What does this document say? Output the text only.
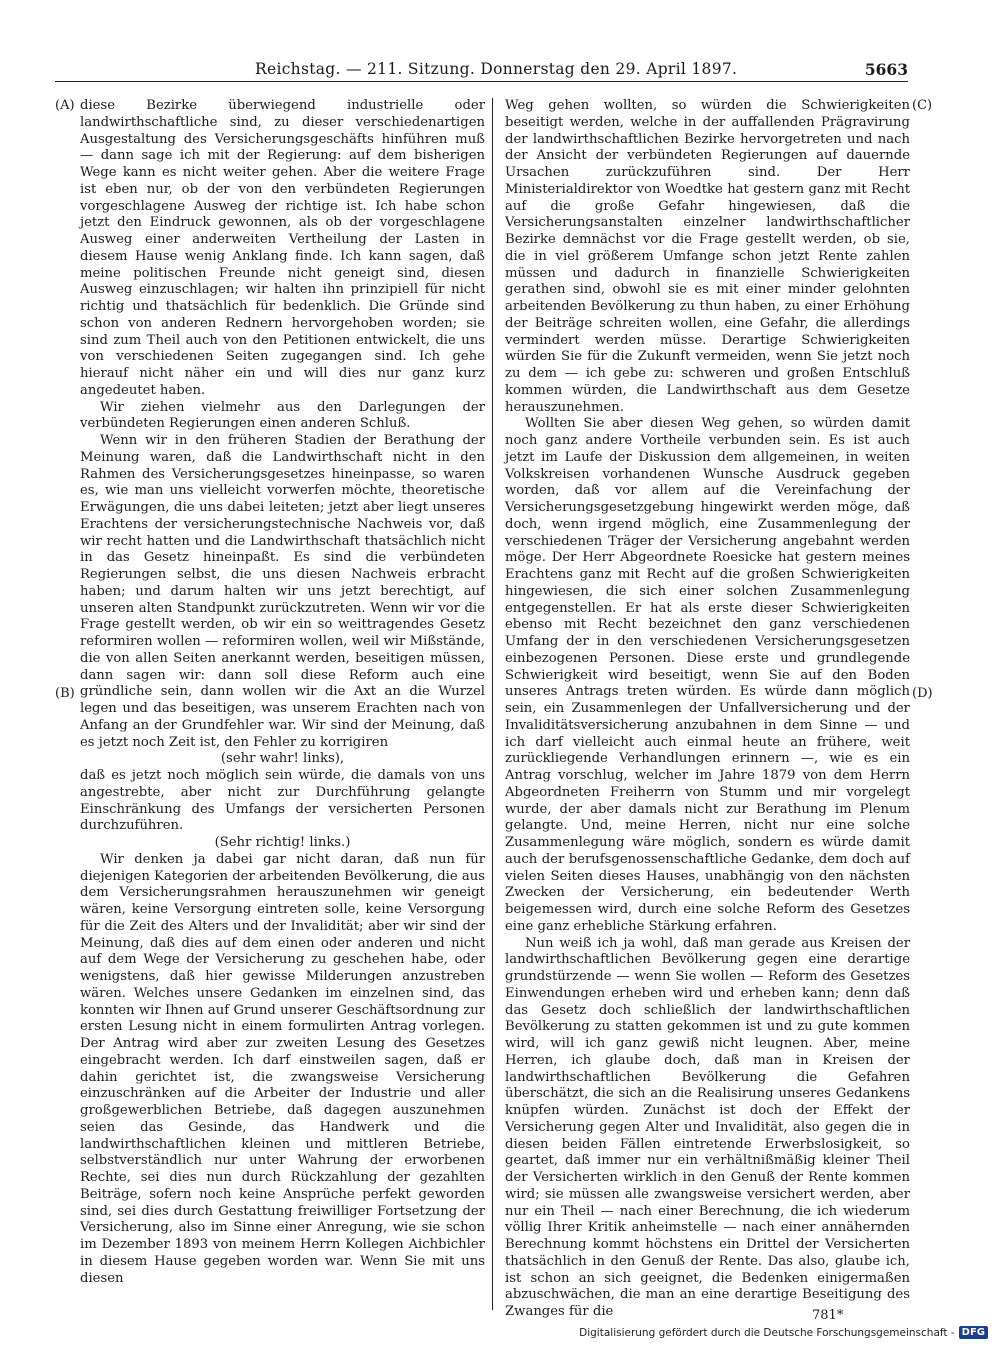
Reichstag. — 211. Sitzung. Donnerstag den 29. April 1897.	5663
(A)
(B)
(C)
(D)

diese Bezirke überwiegend industrielle oder landwirthschaftliche sind, zu dieser verschiedenartigen Ausgestaltung des Versicherungsgeschäfts hinführen muß — dann sage ich mit der Regierung: auf dem bisherigen Wege kann es nicht weiter gehen. Aber die weitere Frage ist eben nur, ob der von den verbündeten Regierungen vorgeschlagene Ausweg der richtige ist. Ich habe schon jetzt den Eindruck gewonnen, als ob der vorgeschlagene Ausweg einer anderweiten Vertheilung der Lasten in diesem Hause wenig Anklang finde. Ich kann sagen, daß meine politischen Freunde nicht geneigt sind, diesen Ausweg einzuschlagen; wir halten ihn prinzipiell für nicht richtig und thatsächlich für bedenklich. Die Gründe sind schon von anderen Rednern hervorgehoben worden; sie sind zum Theil auch von den Petitionen entwickelt, die uns von verschiedenen Seiten zugegangen sind. Ich gehe hierauf nicht näher ein und will dies nur ganz kurz angedeutet haben.

Wir ziehen vielmehr aus den Darlegungen der verbündeten Regierungen einen anderen Schluß.

Wenn wir in den früheren Stadien der Berathung der Meinung waren, daß die Landwirthschaft nicht in den Rahmen des Versicherungsgesetzes hineinpasse, so waren es, wie man uns vielleicht vorwerfen möchte, theoretische Erwägungen, die uns dabei leiteten; jetzt aber liegt unseres Erachtens der versicherungstechnische Nachweis vor, daß wir recht hatten und die Landwirthschaft thatsächlich nicht in das Gesetz hineinpaßt. Es sind die verbündeten Regierungen selbst, die uns diesen Nachweis erbracht haben; und darum halten wir uns jetzt berechtigt, auf unseren alten Standpunkt zurückzutreten. Wenn wir vor die Frage gestellt werden, ob wir ein so weittragendes Gesetz reformiren wollen — reformiren wollen, weil wir Mißstände, die von allen Seiten anerkannt werden, beseitigen müssen, dann sagen wir: dann soll diese Reform auch eine gründliche sein, dann wollen wir die Axt an die Wurzel legen und das beseitigen, was unserem Erachten nach von Anfang an der Grundfehler war. Wir sind der Meinung, daß es jetzt noch Zeit ist, den Fehler zu korrigiren

(sehr wahr! links),

daß es jetzt noch möglich sein würde, die damals von uns angestrebte, aber nicht zur Durchführung gelangte Einschränkung des Umfangs der versicherten Personen durchzuführen.

(Sehr richtig! links.)

Wir denken ja dabei gar nicht daran, daß nun für diejenigen Kategorien der arbeitenden Bevölkerung, die aus dem Versicherungsrahmen herauszunehmen wir geneigt wären, keine Versorgung eintreten solle, keine Versorgung für die Zeit des Alters und der Invalidität; aber wir sind der Meinung, daß dies auf dem einen oder anderen und nicht auf dem Wege der Versicherung zu geschehen habe, oder wenigstens, daß hier gewisse Milderungen anzustreben wären. Welches unsere Gedanken im einzelnen sind, das konnten wir Ihnen auf Grund unserer Geschäftsordnung zur ersten Lesung nicht in einem formulirten Antrag vorlegen. Der Antrag wird aber zur zweiten Lesung des Gesetzes eingebracht werden. Ich darf einstweilen sagen, daß er dahin gerichtet ist, die zwangsweise Versicherung einzuschränken auf die Arbeiter der Industrie und aller großgewerblichen Betriebe, daß dagegen auszunehmen seien das Gesinde, das Handwerk und die landwirthschaftlichen kleinen und mittleren Betriebe, selbstverständlich nur unter Wahrung der erworbenen Rechte, sei dies nun durch Rückzahlung der gezahlten Beiträge, sofern noch keine Ansprüche perfekt geworden sind, sei dies durch Gestattung freiwilliger Fortsetzung der Versicherung, also im Sinne einer Anregung, wie sie schon im Dezember 1893 von meinem Herrn Kollegen Aichbichler in diesem Hause gegeben worden war. Wenn Sie mit uns diesen

Weg gehen wollten, so würden die Schwierigkeiten beseitigt werden, welche in der auffallenden Prägravirung der landwirthschaftlichen Bezirke hervorgetreten und nach der Ansicht der verbündeten Regierungen auf dauernde Ursachen zurückzuführen sind. Der Herr Ministerialdirektor von Woedtke hat gestern ganz mit Recht auf die große Gefahr hingewiesen, daß die Versicherungsanstalten einzelner landwirthschaftlicher Bezirke demnächst vor die Frage gestellt werden, ob sie, die in viel größerem Umfange schon jetzt Rente zahlen müssen und dadurch in finanzielle Schwierigkeiten gerathen sind, obwohl sie es mit einer minder gelohnten arbeitenden Bevölkerung zu thun haben, zu einer Erhöhung der Beiträge schreiten wollen, eine Gefahr, die allerdings vermindert werden müsse. Derartige Schwierigkeiten würden Sie für die Zukunft vermeiden, wenn Sie jetzt noch zu dem — ich gebe zu: schweren und großen Entschluß kommen würden, die Landwirthschaft aus dem Gesetze herauszunehmen.

Wollten Sie aber diesen Weg gehen, so würden damit noch ganz andere Vortheile verbunden sein. Es ist auch jetzt im Laufe der Diskussion dem allgemeinen, in weiten Volkskreisen vorhandenen Wunsche Ausdruck gegeben worden, daß vor allem auf die Vereinfachung der Versicherungsgesetzgebung hingewirkt werden möge, daß doch, wenn irgend möglich, eine Zusammenlegung der verschiedenen Träger der Versicherung angebahnt werden möge. Der Herr Abgeordnete Roesicke hat gestern meines Erachtens ganz mit Recht auf die großen Schwierigkeiten hingewiesen, die sich einer solchen Zusammenlegung entgegenstellen. Er hat als erste dieser Schwierigkeiten ebenso mit Recht bezeichnet den ganz verschiedenen Umfang der in den verschiedenen Versicherungsgesetzen einbezogenen Personen. Diese erste und grundlegende Schwierigkeit wird beseitigt, wenn Sie auf den Boden unseres Antrags treten würden. Es würde dann möglich sein, ein Zusammenlegen der Unfallversicherung und der Invaliditätsversicherung anzubahnen in dem Sinne — und ich darf vielleicht auch einmal heute an frühere, weit zurückliegende Verhandlungen erinnern —, wie es ein Antrag vorschlug, welcher im Jahre 1879 von dem Herrn Abgeordneten Freiherrn von Stumm und mir vorgelegt wurde, der aber damals nicht zur Berathung im Plenum gelangte. Und, meine Herren, nicht nur eine solche Zusammenlegung wäre möglich, sondern es würde damit auch der berufsgenossenschaftliche Gedanke, dem doch auf vielen Seiten dieses Hauses, unabhängig von den nächsten Zwecken der Versicherung, ein bedeutender Werth beigemessen wird, durch eine solche Reform des Gesetzes eine ganz erhebliche Stärkung erfahren.

Nun weiß ich ja wohl, daß man gerade aus Kreisen der landwirthschaftlichen Bevölkerung gegen eine derartige grundstürzende — wenn Sie wollen — Reform des Gesetzes Einwendungen erheben wird und erheben kann; denn daß das Gesetz doch schließlich der landwirthschaftlichen Bevölkerung zu statten gekommen ist und zu gute kommen wird, will ich ganz gewiß nicht leugnen. Aber, meine Herren, ich glaube doch, daß man in Kreisen der landwirthschaftlichen Bevölkerung die Gefahren überschätzt, die sich an die Realisirung unseres Gedankens knüpfen würden. Zunächst ist doch der Effekt der Versicherung gegen Alter und Invalidität, also gegen die in diesen beiden Fällen eintretende Erwerbslosigkeit, so geartet, daß immer nur ein verhältnißmäßig kleiner Theil der Versicherten wirklich in den Genuß der Rente kommen wird; sie müssen alle zwangsweise versichert werden, aber nur ein Theil — nach einer Berechnung, die ich wiederum völlig Ihrer Kritik anheimstelle — nach einer annähernden Berechnung kommt höchstens ein Drittel der Versicherten thatsächlich in den Genuß der Rente. Das also, glaube ich, ist schon an sich geeignet, die Bedenken einigermaßen abzuschwächen, die man an eine derartige Beseitigung des Zwanges für die	781*
Digitalisierung gefördert durch die Deutsche Forschungsgemeinschaft - DFG
